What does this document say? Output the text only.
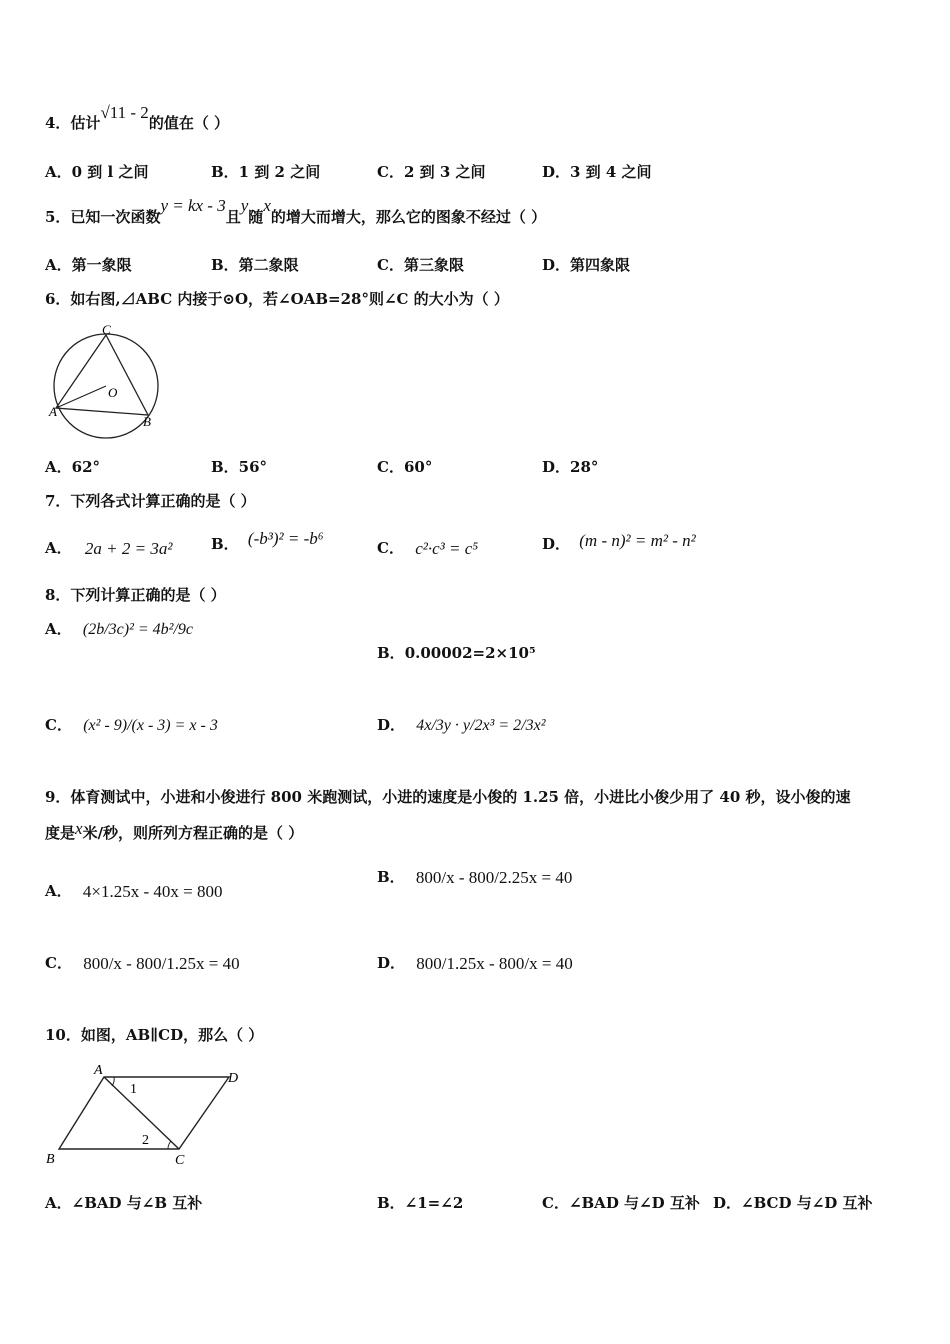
4．估计√11 - 2的值在（ ）
A．0 到 l 之间	B．1 到 2 之间	C．2 到 3 之间	D．3 到 4 之间
5．已知一次函数y = kx - 3且y随x的增大而增大，那么它的图象不经过（ ）
A．第一象限	B．第二象限	C．第三象限	D．第四象限
6．如右图,⊿ABC 内接于⊙O，若∠OAB=28°则∠C 的大小为（ ）
C
O
A
B
A．62°	B．56°	C．60°	D．28°
7．下列各式计算正确的是（ ）
A． 2a + 2 = 3a²	B． (-b³)² = -b⁶	C． c²·c³ = c⁵	D． (m - n)² = m² - n²
8．下列计算正确的是（ ）
A． (2b/3c)² = 4b²/9c
B．0.00002=2×10⁵
C． (x² - 9)/(x - 3) = x - 3	D． 4x/3y · y/2x³ = 2/3x²
9．体育测试中，小进和小俊进行 800 米跑测试，小进的速度是小俊的 1.25 倍，小进比小俊少用了 40 秒，设小俊的速
度是x米/秒，则所列方程正确的是（ ）
A． 4×1.25x - 40x = 800
B． 800/x - 800/2.25x = 40
C． 800/x - 800/1.25x = 40	D． 800/1.25x - 800/x = 40
10．如图，AB∥CD，那么（ ）
A
D
B	C
1
2
A．∠BAD 与∠B 互补	B．∠1=∠2	C．∠BAD 与∠D 互补 D．∠BCD 与∠D 互补
